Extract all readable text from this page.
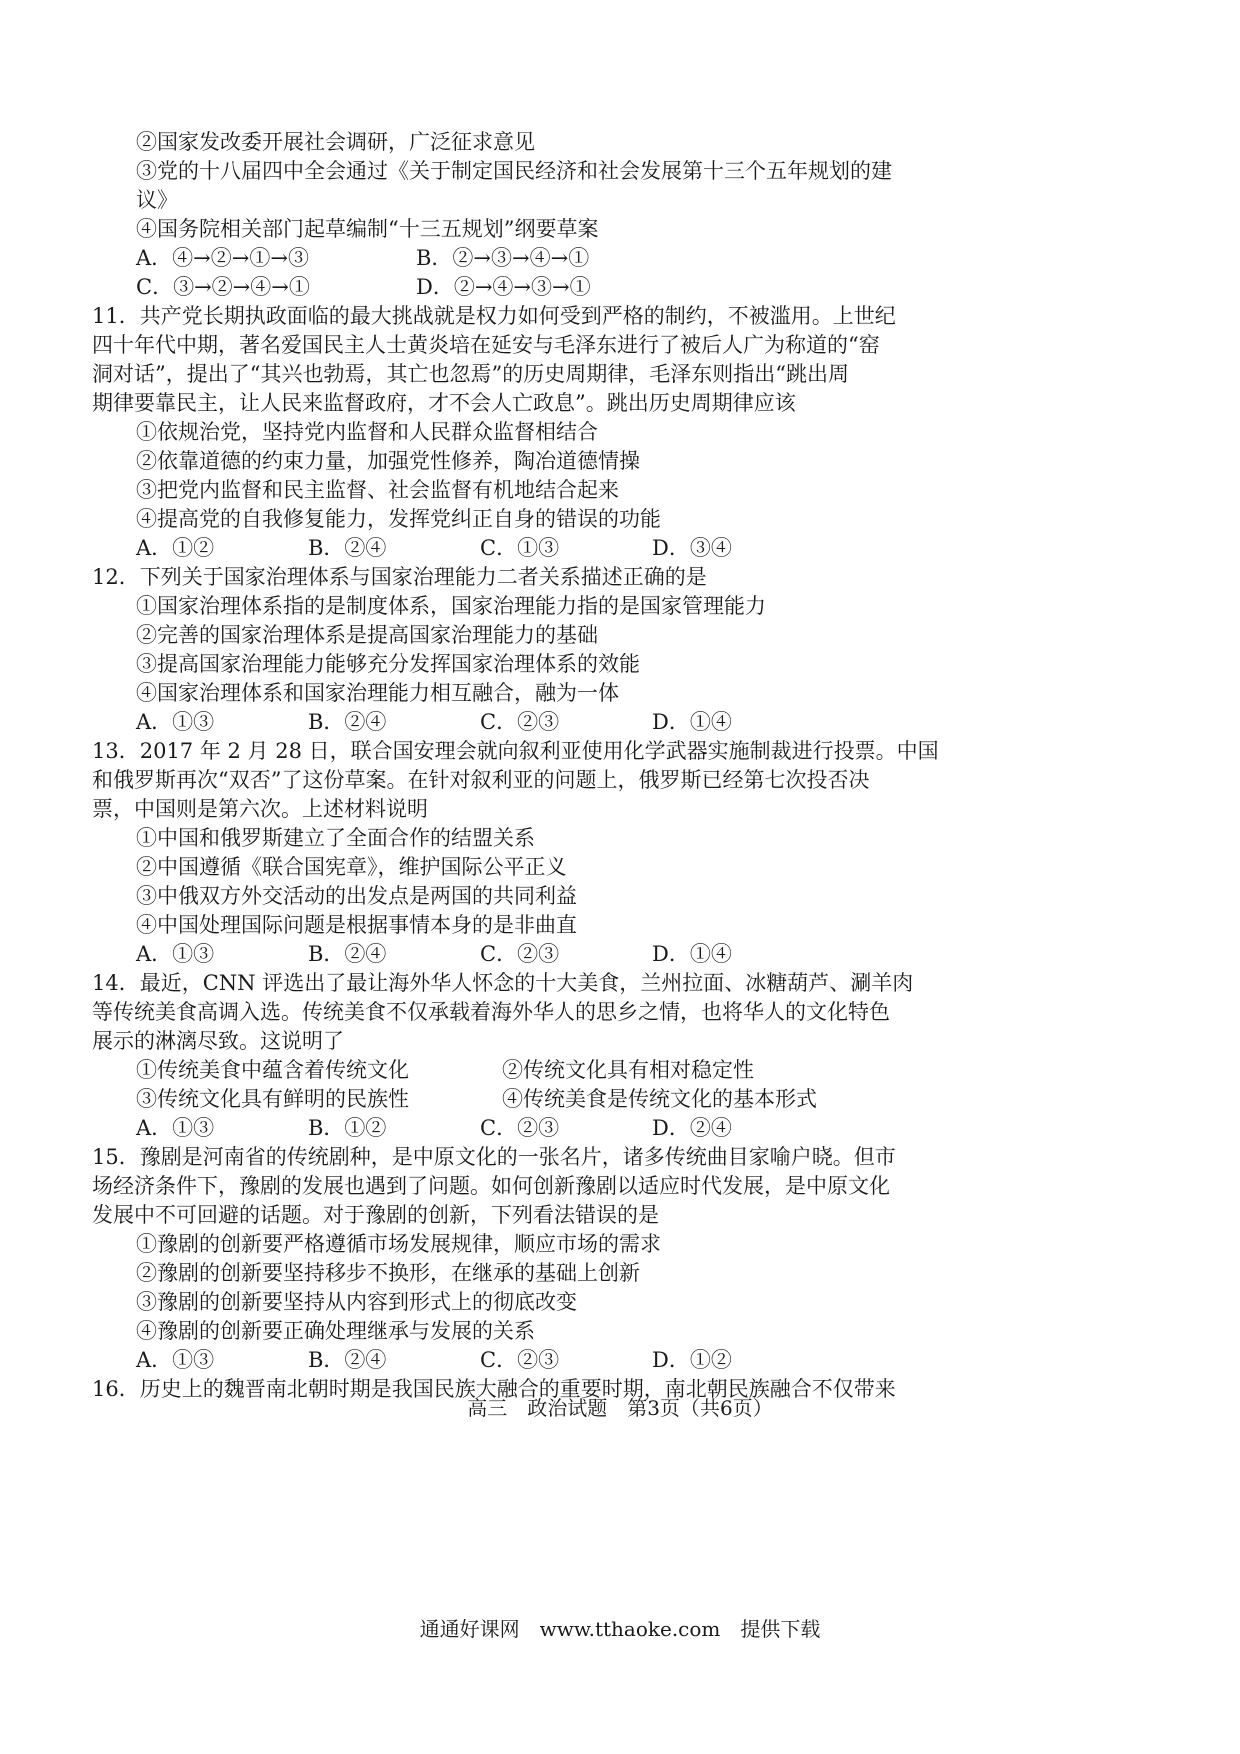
②国家发改委开展社会调研，广泛征求意见
③党的十八届四中全会通过《关于制定国民经济和社会发展第十三个五年规划的建
议》
④国务院相关部门起草编制“十三五规划”纲要草案
A．④→②→①→③	B．②→③→④→①
C．③→②→④→①	D．②→④→③→①
11．共产党长期执政面临的最大挑战就是权力如何受到严格的制约，不被滥用。上世纪
四十年代中期，著名爱国民主人士黄炎培在延安与毛泽东进行了被后人广为称道的“窑
洞对话”，提出了“其兴也勃焉，其亡也忽焉”的历史周期律，毛泽东则指出“跳出周
期律要靠民主，让人民来监督政府，才不会人亡政息”。跳出历史周期律应该
①依规治党，坚持党内监督和人民群众监督相结合
②依靠道德的约束力量，加强党性修养，陶冶道德情操
③把党内监督和民主监督、社会监督有机地结合起来
④提高党的自我修复能力，发挥党纠正自身的错误的功能
A．①②	B．②④	C．①③	D．③④
12．下列关于国家治理体系与国家治理能力二者关系描述正确的是
①国家治理体系指的是制度体系，国家治理能力指的是国家管理能力
②完善的国家治理体系是提高国家治理能力的基础
③提高国家治理能力能够充分发挥国家治理体系的效能
④国家治理体系和国家治理能力相互融合，融为一体
A．①③	B．②④	C．②③	D．①④
13．2017 年 2 月 28 日，联合国安理会就向叙利亚使用化学武器实施制裁进行投票。中国
和俄罗斯再次“双否”了这份草案。在针对叙利亚的问题上，俄罗斯已经第七次投否决
票，中国则是第六次。上述材料说明
①中国和俄罗斯建立了全面合作的结盟关系
②中国遵循《联合国宪章》，维护国际公平正义
③中俄双方外交活动的出发点是两国的共同利益
④中国处理国际问题是根据事情本身的是非曲直
A．①③	B．②④	C．②③	D．①④
14．最近，CNN 评选出了最让海外华人怀念的十大美食，兰州拉面、冰糖葫芦、涮羊肉
等传统美食高调入选。传统美食不仅承载着海外华人的思乡之情，也将华人的文化特色
展示的淋漓尽致。这说明了
①传统美食中蕴含着传统文化	②传统文化具有相对稳定性
③传统文化具有鲜明的民族性	④传统美食是传统文化的基本形式
A．①③	B．①②	C．②③	D．②④
15．豫剧是河南省的传统剧种，是中原文化的一张名片，诸多传统曲目家喻户晓。但市
场经济条件下，豫剧的发展也遇到了问题。如何创新豫剧以适应时代发展，是中原文化
发展中不可回避的话题。对于豫剧的创新，下列看法错误的是
①豫剧的创新要严格遵循市场发展规律，顺应市场的需求
②豫剧的创新要坚持移步不换形，在继承的基础上创新
③豫剧的创新要坚持从内容到形式上的彻底改变
④豫剧的创新要正确处理继承与发展的关系
A．①③	B．②④	C．②③	D．①②
16．历史上的魏晋南北朝时期是我国民族大融合的重要时期，南北朝民族融合不仅带来
高三　政治试题　第3页（共6页）
通通好课网　www.tthaoke.com　提供下载
